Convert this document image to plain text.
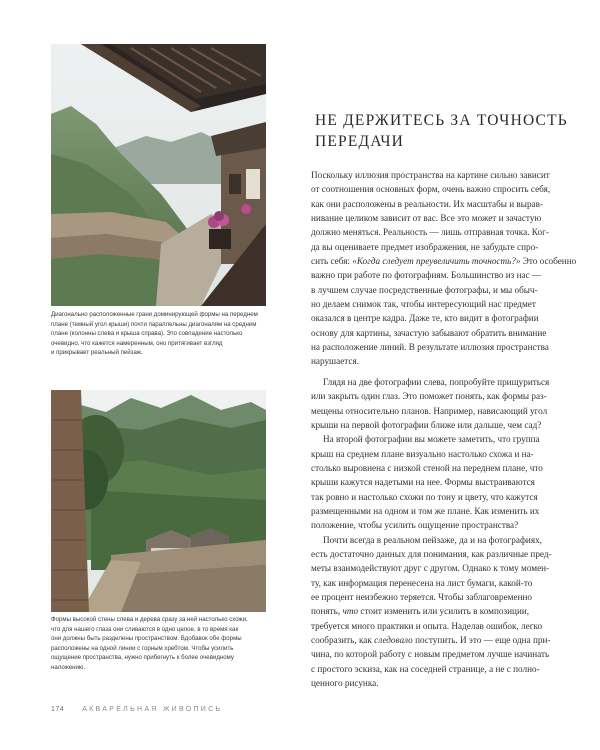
Диагонально расположенные грани доминирующей формы на переднем
плане (темный угол крыши) почти параллельны диагоналям на среднем
плане (колонны слева и крыша справа). Это совпадение настолько
очевидно, что кажется намеренным, оно притягивает взгляд
и прикрывает реальный пейзаж.

Формы высокой стены слева и дерева сразу за ней настолько схожи,
что для нашего глаза они сливаются в одно целое, в то время как
они должны быть разделены пространством. Вдобавок обе формы
расположены на одной линии с горным хребтом. Чтобы усилить
ощущение пространства, нужно прибегнуть к более очевидному
наложению.

НЕ ДЕРЖИТЕСЬ ЗА ТОЧНОСТЬ
ПЕРЕДАЧИ
Поскольку иллюзия пространства на картине сильно зависит
от соотношения основных форм, очень важно спросить себя,
как они расположены в реальности. Их масштабы и вырав-
нивание целиком зависит от вас. Все это может и зачастую
должно меняться. Реальность — лишь отправная точка. Ког-
да вы оцениваете предмет изображения, не забудьте спро-
сить себя: «Когда следует преувеличить точность?» Это особенно
важно при работе по фотографиям. Большинство из нас —
в лучшем случае посредственные фотографы, и мы обыч-
но делаем снимок так, чтобы интересующий нас предмет
оказался в центре кадра. Даже те, кто видит в фотографии
основу для картины, зачастую забывают обратить внимание
на расположение линий. В результате иллюзия пространства
нарушается.
Глядя на две фотографии слева, попробуйте прищуриться
или закрыть один глаз. Это поможет понять, как формы раз-
мещены относительно планов. Например, нависающий угол
крыши на первой фотографии ближе или дальше, чем сад?
На второй фотографии вы можете заметить, что группа
крыш на среднем плане визуально настолько схожа и на-
столько выровнена с низкой стеной на переднем плане, что
крыши кажутся надетыми на нее. Формы выстраиваются
так ровно и настолько схожи по тону и цвету, что кажутся
размещенными на одном и том же плане. Как изменить их
положение, чтобы усилить ощущение пространства?
Почти всегда в реальном пейзаже, да и на фотографиях,
есть достаточно данных для понимания, как различные пред-
меты взаимодействуют друг с другом. Однако к тому момен-
ту, как информация перенесена на лист бумаги, какой-то
ее процент неизбежно теряется. Чтобы заблаговременно
понять, что стоит изменить или усилить в композиции,
требуется много практики и опыта. Наделав ошибок, легко
сообразить, как следовало поступить. И это — еще одна при-
чина, по которой работу с новым предметом лучше начинать
с простого эскиза, как на соседней странице, а не с полно-
ценного рисунка.
174	АКВАРЕЛЬНАЯ ЖИВОПИСЬ
